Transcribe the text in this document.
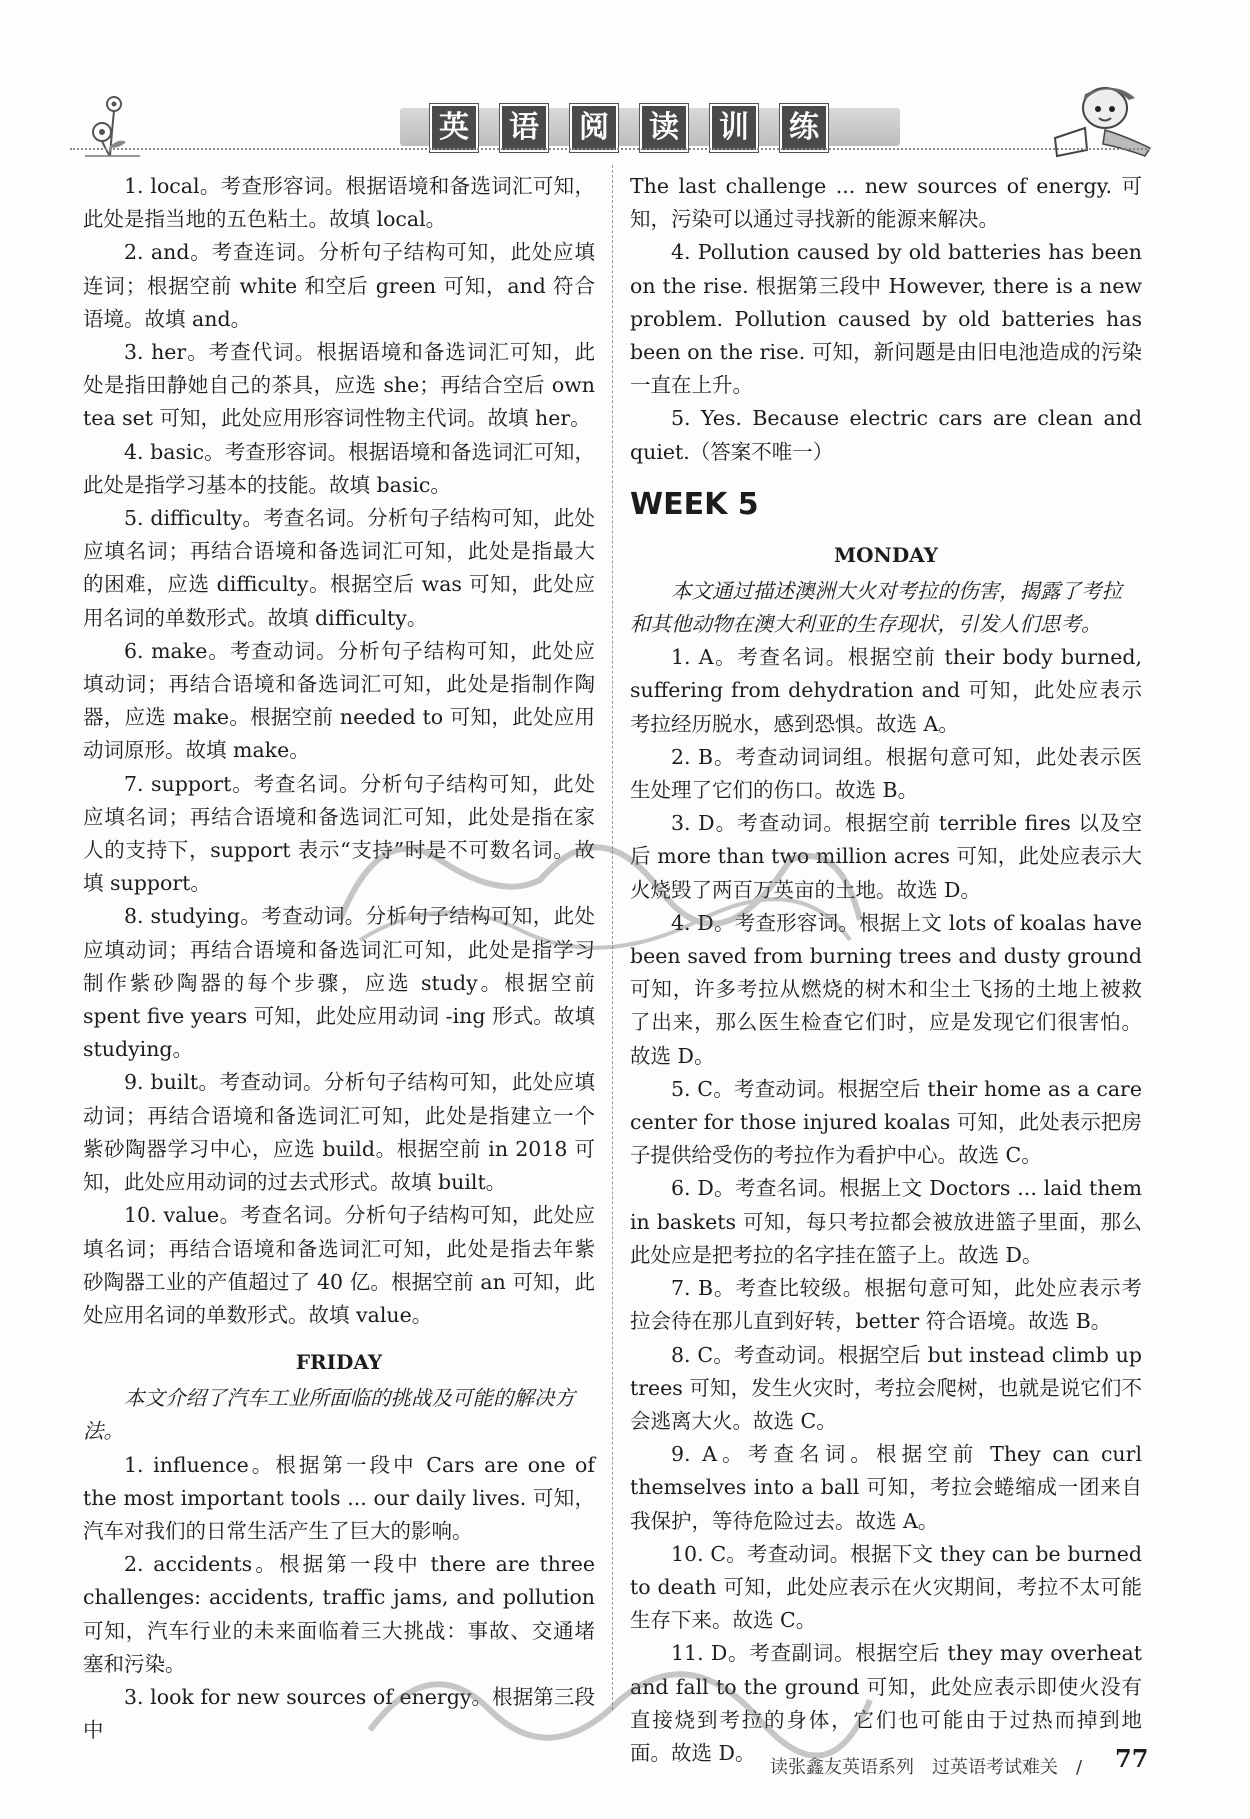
英	语	阅	读	训	练

1. local。考查形容词。根据语境和备选词汇可知，此处是指当地的五色粘土。故填 local。

2. and。考查连词。分析句子结构可知，此处应填连词；根据空前 white 和空后 green 可知，and 符合语境。故填 and。

3. her。考查代词。根据语境和备选词汇可知，此处是指田静她自己的茶具，应选 she；再结合空后 own tea set 可知，此处应用形容词性物主代词。故填 her。

4. basic。考查形容词。根据语境和备选词汇可知，此处是指学习基本的技能。故填 basic。

5. difficulty。考查名词。分析句子结构可知，此处应填名词；再结合语境和备选词汇可知，此处是指最大的困难，应选 difficulty。根据空后 was 可知，此处应用名词的单数形式。故填 difficulty。

6. make。考查动词。分析句子结构可知，此处应填动词；再结合语境和备选词汇可知，此处是指制作陶器，应选 make。根据空前 needed to 可知，此处应用动词原形。故填 make。

7. support。考查名词。分析句子结构可知，此处应填名词；再结合语境和备选词汇可知，此处是指在家人的支持下，support 表示“支持”时是不可数名词。故填 support。

8. studying。考查动词。分析句子结构可知，此处应填动词；再结合语境和备选词汇可知，此处是指学习制作紫砂陶器的每个步骤，应选 study。根据空前 spent five years 可知，此处应用动词 -ing 形式。故填 studying。

9. built。考查动词。分析句子结构可知，此处应填动词；再结合语境和备选词汇可知，此处是指建立一个紫砂陶器学习中心，应选 build。根据空前 in 2018 可知，此处应用动词的过去式形式。故填 built。

10. value。考查名词。分析句子结构可知，此处应填名词；再结合语境和备选词汇可知，此处是指去年紫砂陶器工业的产值超过了 40 亿。根据空前 an 可知，此处应用名词的单数形式。故填 value。

FRIDAY

本文介绍了汽车工业所面临的挑战及可能的解决方法。

1. influence。根据第一段中 Cars are one of the most important tools ... our daily lives. 可知，汽车对我们的日常生活产生了巨大的影响。

2. accidents。根据第一段中 there are three challenges: accidents, traffic jams, and pollution 可知，汽车行业的未来面临着三大挑战：事故、交通堵塞和污染。

3. look for new sources of energy。根据第三段中

The last challenge ... new sources of energy. 可知，污染可以通过寻找新的能源来解决。

4. Pollution caused by old batteries has been on the rise. 根据第三段中 However, there is a new problem. Pollution caused by old batteries has been on the rise. 可知，新问题是由旧电池造成的污染一直在上升。

5. Yes. Because electric cars are clean and quiet.（答案不唯一）

WEEK 5
MONDAY

本文通过描述澳洲大火对考拉的伤害，揭露了考拉和其他动物在澳大利亚的生存现状，引发人们思考。

1. A。考查名词。根据空前 their body burned, suffering from dehydration and 可知，此处应表示考拉经历脱水，感到恐惧。故选 A。

2. B。考查动词词组。根据句意可知，此处表示医生处理了它们的伤口。故选 B。

3. D。考查动词。根据空前 terrible fires 以及空后 more than two million acres 可知，此处应表示大火烧毁了两百万英亩的土地。故选 D。

4. D。考查形容词。根据上文 lots of koalas have been saved from burning trees and dusty ground 可知，许多考拉从燃烧的树木和尘土飞扬的土地上被救了出来，那么医生检查它们时，应是发现它们很害怕。故选 D。

5. C。考查动词。根据空后 their home as a care center for those injured koalas 可知，此处表示把房子提供给受伤的考拉作为看护中心。故选 C。

6. D。考查名词。根据上文 Doctors ... laid them in baskets 可知，每只考拉都会被放进篮子里面，那么此处应是把考拉的名字挂在篮子上。故选 D。

7. B。考查比较级。根据句意可知，此处应表示考拉会待在那儿直到好转，better 符合语境。故选 B。

8. C。考查动词。根据空后 but instead climb up trees 可知，发生火灾时，考拉会爬树，也就是说它们不会逃离大火。故选 C。

9. A。考查名词。根据空前 They can curl themselves into a ball 可知，考拉会蜷缩成一团来自我保护，等待危险过去。故选 A。

10. C。考查动词。根据下文 they can be burned to death 可知，此处应表示在火灾期间，考拉不太可能生存下来。故选 C。

11. D。考查副词。根据空后 they may overheat and fall to the ground 可知，此处应表示即使火没有直接烧到考拉的身体，它们也可能由于过热而掉到地面。故选 D。

读张鑫友英语系列　过英语考试难关　/ 77
